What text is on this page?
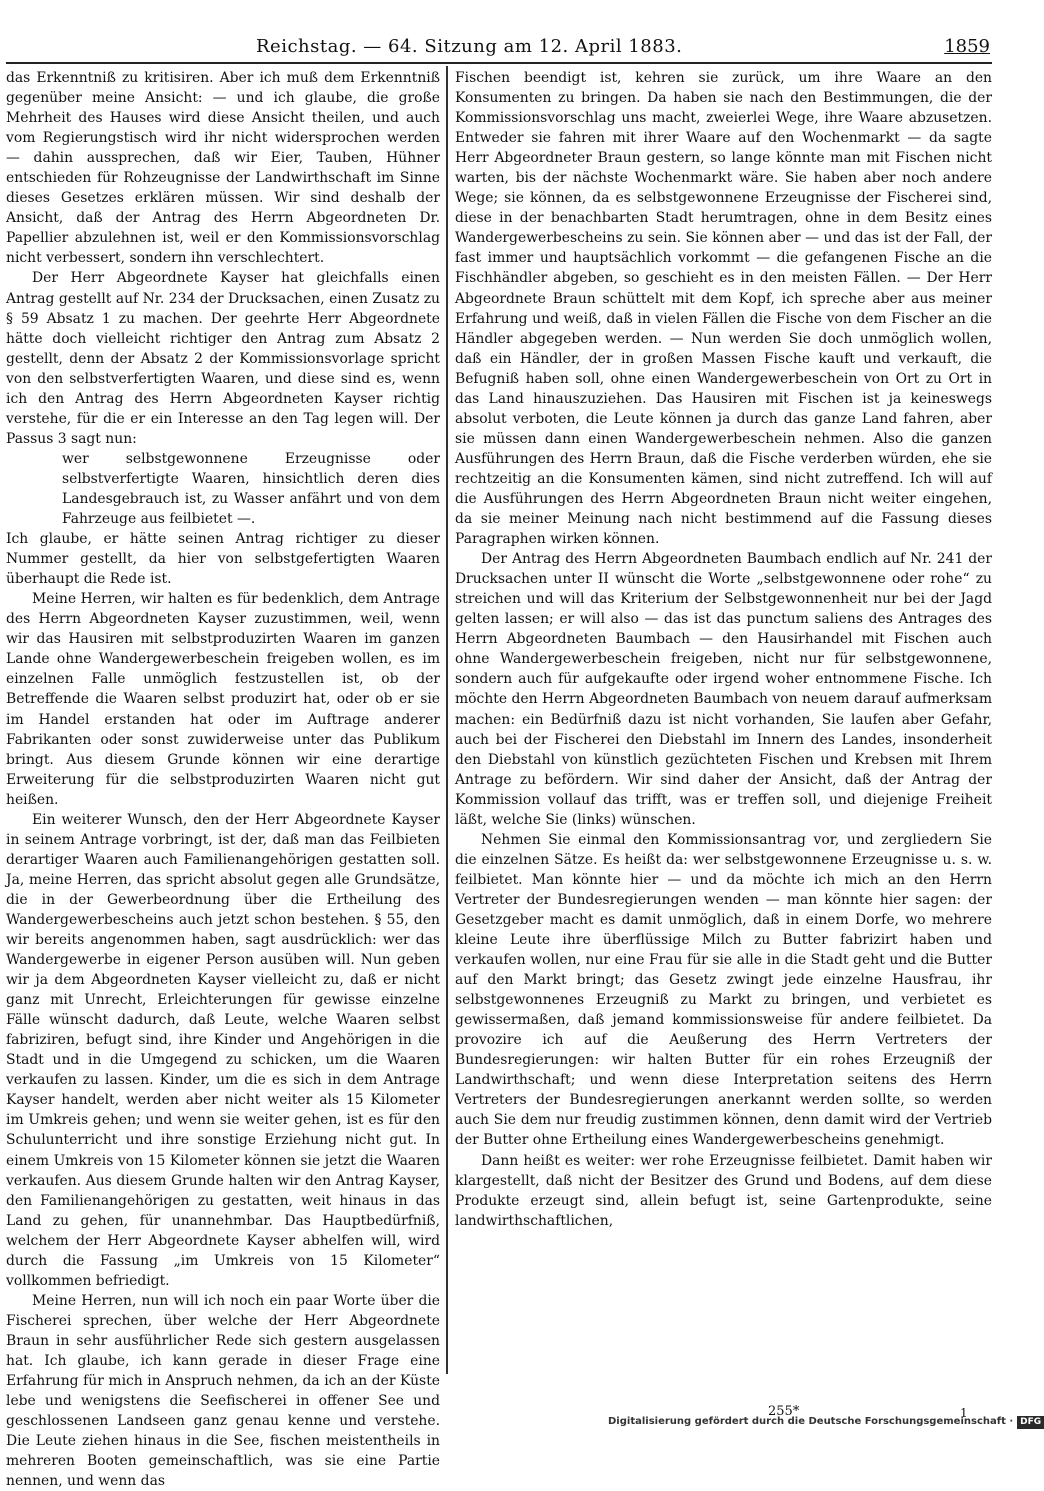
Reichstag. — 64. Sitzung am 12. April 1883.	1859

das Erkenntniß zu kritisiren. Aber ich muß dem Erkenntniß gegenüber meine Ansicht: — und ich glaube, die große Mehrheit des Hauses wird diese Ansicht theilen, und auch vom Regierungstisch wird ihr nicht widersprochen werden — dahin aussprechen, daß wir Eier, Tauben, Hühner entschieden für Rohzeugnisse der Landwirthschaft im Sinne dieses Gesetzes erklären müssen. Wir sind deshalb der Ansicht, daß der Antrag des Herrn Abgeordneten Dr. Papellier abzulehnen ist, weil er den Kommissionsvorschlag nicht verbessert, sondern ihn verschlechtert.

Der Herr Abgeordnete Kayser hat gleichfalls einen Antrag gestellt auf Nr. 234 der Drucksachen, einen Zusatz zu § 59 Absatz 1 zu machen. Der geehrte Herr Abgeordnete hätte doch vielleicht richtiger den Antrag zum Absatz 2 gestellt, denn der Absatz 2 der Kommissionsvorlage spricht von den selbstverfertigten Waaren, und diese sind es, wenn ich den Antrag des Herrn Abgeordneten Kayser richtig verstehe, für die er ein Interesse an den Tag legen will. Der Passus 3 sagt nun:

wer selbstgewonnene Erzeugnisse oder selbstverfertigte Waaren, hinsichtlich deren dies Landesgebrauch ist, zu Wasser anfährt und von dem Fahrzeuge aus feilbietet —.

Ich glaube, er hätte seinen Antrag richtiger zu dieser Nummer gestellt, da hier von selbstgefertigten Waaren überhaupt die Rede ist.

Meine Herren, wir halten es für bedenklich, dem Antrage des Herrn Abgeordneten Kayser zuzustimmen, weil, wenn wir das Hausiren mit selbstproduzirten Waaren im ganzen Lande ohne Wandergewerbeschein freigeben wollen, es im einzelnen Falle unmöglich festzustellen ist, ob der Betreffende die Waaren selbst produzirt hat, oder ob er sie im Handel erstanden hat oder im Auftrage anderer Fabrikanten oder sonst zuwiderweise unter das Publikum bringt. Aus diesem Grunde können wir eine derartige Erweiterung für die selbstproduzirten Waaren nicht gut heißen.

Ein weiterer Wunsch, den der Herr Abgeordnete Kayser in seinem Antrage vorbringt, ist der, daß man das Feilbieten derartiger Waaren auch Familienangehörigen gestatten soll. Ja, meine Herren, das spricht absolut gegen alle Grundsätze, die in der Gewerbeordnung über die Ertheilung des Wandergewerbescheins auch jetzt schon bestehen. § 55, den wir bereits angenommen haben, sagt ausdrücklich: wer das Wandergewerbe in eigener Person ausüben will. Nun geben wir ja dem Abgeordneten Kayser vielleicht zu, daß er nicht ganz mit Unrecht, Erleichterungen für gewisse einzelne Fälle wünscht dadurch, daß Leute, welche Waaren selbst fabriziren, befugt sind, ihre Kinder und Angehörigen in die Stadt und in die Umgegend zu schicken, um die Waaren verkaufen zu lassen. Kinder, um die es sich in dem Antrage Kayser handelt, werden aber nicht weiter als 15 Kilometer im Umkreis gehen; und wenn sie weiter gehen, ist es für den Schulunterricht und ihre sonstige Erziehung nicht gut. In einem Umkreis von 15 Kilometer können sie jetzt die Waaren verkaufen. Aus diesem Grunde halten wir den Antrag Kayser, den Familienangehörigen zu gestatten, weit hinaus in das Land zu gehen, für unannehmbar. Das Hauptbedürfniß, welchem der Herr Abgeordnete Kayser abhelfen will, wird durch die Fassung „im Umkreis von 15 Kilometer“ vollkommen befriedigt.

Meine Herren, nun will ich noch ein paar Worte über die Fischerei sprechen, über welche der Herr Abgeordnete Braun in sehr ausführlicher Rede sich gestern ausgelassen hat. Ich glaube, ich kann gerade in dieser Frage eine Erfahrung für mich in Anspruch nehmen, da ich an der Küste lebe und wenigstens die Seefischerei in offener See und geschlossenen Landseen ganz genau kenne und verstehe. Die Leute ziehen hinaus in die See, fischen meistentheils in mehreren Booten gemeinschaftlich, was sie eine Partie nennen, und wenn das

Fischen beendigt ist, kehren sie zurück, um ihre Waare an den Konsumenten zu bringen. Da haben sie nach den Bestimmungen, die der Kommissionsvorschlag uns macht, zweierlei Wege, ihre Waare abzusetzen. Entweder sie fahren mit ihrer Waare auf den Wochenmarkt — da sagte Herr Abgeordneter Braun gestern, so lange könnte man mit Fischen nicht warten, bis der nächste Wochenmarkt wäre. Sie haben aber noch andere Wege; sie können, da es selbstgewonnene Erzeugnisse der Fischerei sind, diese in der benachbarten Stadt herumtragen, ohne in dem Besitz eines Wandergewerbescheins zu sein. Sie können aber — und das ist der Fall, der fast immer und hauptsächlich vorkommt — die gefangenen Fische an die Fischhändler abgeben, so geschieht es in den meisten Fällen. — Der Herr Abgeordnete Braun schüttelt mit dem Kopf, ich spreche aber aus meiner Erfahrung und weiß, daß in vielen Fällen die Fische von dem Fischer an die Händler abgegeben werden. — Nun werden Sie doch unmöglich wollen, daß ein Händler, der in großen Massen Fische kauft und verkauft, die Befugniß haben soll, ohne einen Wandergewerbeschein von Ort zu Ort in das Land hinauszuziehen. Das Hausiren mit Fischen ist ja keineswegs absolut verboten, die Leute können ja durch das ganze Land fahren, aber sie müssen dann einen Wandergewerbeschein nehmen. Also die ganzen Ausführungen des Herrn Braun, daß die Fische verderben würden, ehe sie rechtzeitig an die Konsumenten kämen, sind nicht zutreffend. Ich will auf die Ausführungen des Herrn Abgeordneten Braun nicht weiter eingehen, da sie meiner Meinung nach nicht bestimmend auf die Fassung dieses Paragraphen wirken können.

Der Antrag des Herrn Abgeordneten Baumbach endlich auf Nr. 241 der Drucksachen unter II wünscht die Worte „selbstgewonnene oder rohe“ zu streichen und will das Kriterium der Selbstgewonnenheit nur bei der Jagd gelten lassen; er will also — das ist das punctum saliens des Antrages des Herrn Abgeordneten Baumbach — den Hausirhandel mit Fischen auch ohne Wandergewerbeschein freigeben, nicht nur für selbstgewonnene, sondern auch für aufgekaufte oder irgend woher entnommene Fische. Ich möchte den Herrn Abgeordneten Baumbach von neuem darauf aufmerksam machen: ein Bedürfniß dazu ist nicht vorhanden, Sie laufen aber Gefahr, auch bei der Fischerei den Diebstahl im Innern des Landes, insonderheit den Diebstahl von künstlich gezüchteten Fischen und Krebsen mit Ihrem Antrage zu befördern. Wir sind daher der Ansicht, daß der Antrag der Kommission vollauf das trifft, was er treffen soll, und diejenige Freiheit läßt, welche Sie (links) wünschen.

Nehmen Sie einmal den Kommissionsantrag vor, und zergliedern Sie die einzelnen Sätze. Es heißt da: wer selbstgewonnene Erzeugnisse u. s. w. feilbietet. Man könnte hier — und da möchte ich mich an den Herrn Vertreter der Bundesregierungen wenden — man könnte hier sagen: der Gesetzgeber macht es damit unmöglich, daß in einem Dorfe, wo mehrere kleine Leute ihre überflüssige Milch zu Butter fabrizirt haben und verkaufen wollen, nur eine Frau für sie alle in die Stadt geht und die Butter auf den Markt bringt; das Gesetz zwingt jede einzelne Hausfrau, ihr selbstgewonnenes Erzeugniß zu Markt zu bringen, und verbietet es gewissermaßen, daß jemand kommissionsweise für andere feilbietet. Da provozire ich auf die Aeußerung des Herrn Vertreters der Bundesregierungen: wir halten Butter für ein rohes Erzeugniß der Landwirthschaft; und wenn diese Interpretation seitens des Herrn Vertreters der Bundesregierungen anerkannt werden sollte, so werden auch Sie dem nur freudig zustimmen können, denn damit wird der Vertrieb der Butter ohne Ertheilung eines Wandergewerbescheins genehmigt.

Dann heißt es weiter: wer rohe Erzeugnisse feilbietet. Damit haben wir klargestellt, daß nicht der Besitzer des Grund und Bodens, auf dem diese Produkte erzeugt sind, allein befugt ist, seine Gartenprodukte, seine landwirthschaftlichen,

255*	1
Digitalisierung gefördert durch die Deutsche Forschungsgemeinschaft · DFG
